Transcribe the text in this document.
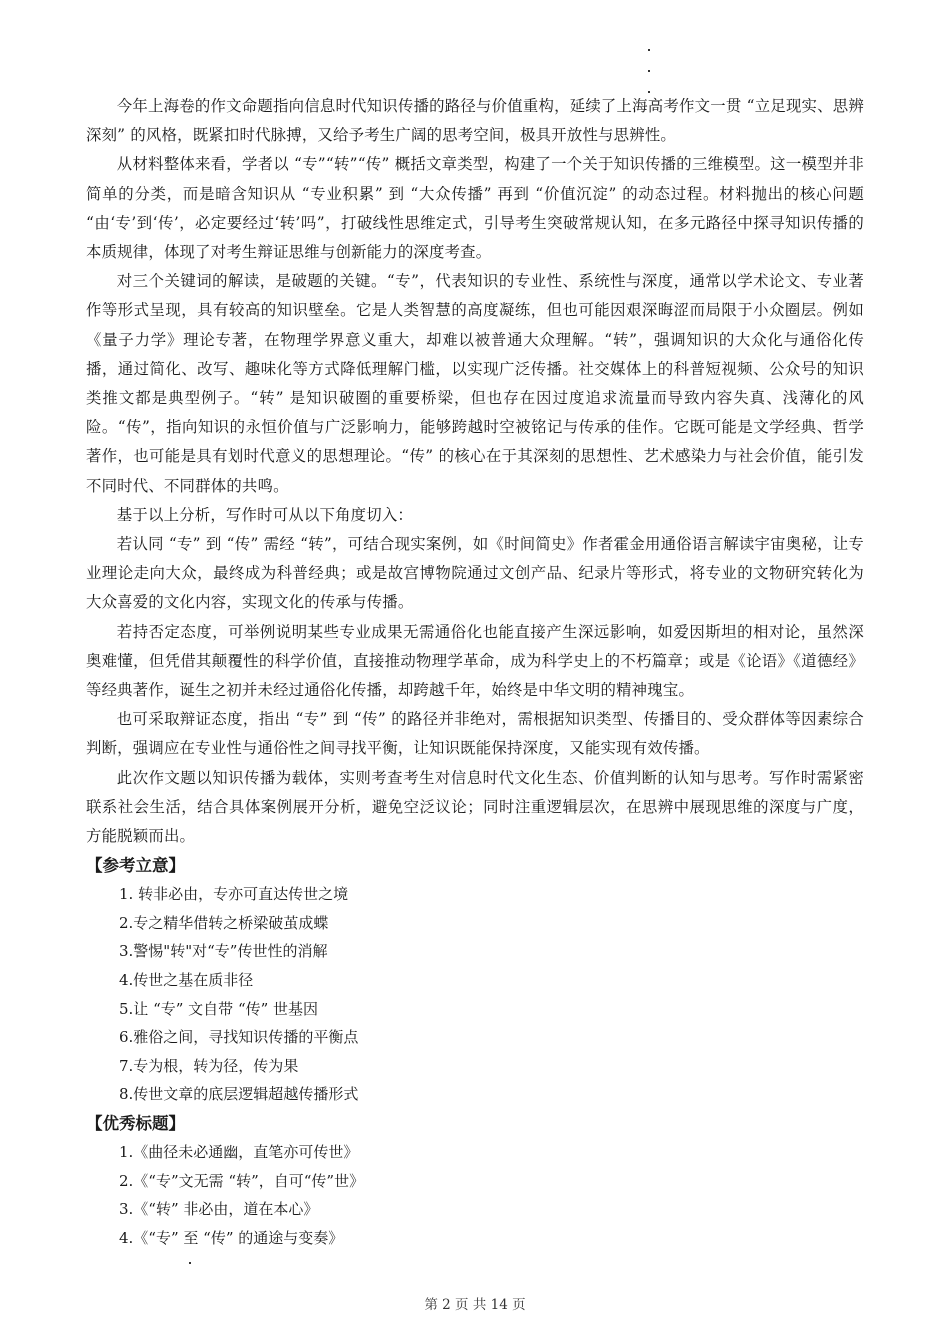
今年上海卷的作文命题指向信息时代知识传播的路径与价值重构，延续了上海高考作文一贯 “立足现实、思辨深刻” 的风格，既紧扣时代脉搏，又给予考生广阔的思考空间，极具开放性与思辨性。

从材料整体来看，学者以 “专”“转”“传” 概括文章类型，构建了一个关于知识传播的三维模型。这一模型并非简单的分类，而是暗含知识从 “专业积累” 到 “大众传播” 再到 “价值沉淀” 的动态过程。材料抛出的核心问题 “由‘专’到‘传’，必定要经过‘转’吗”，打破线性思维定式，引导考生突破常规认知，在多元路径中探寻知识传播的本质规律，体现了对考生辩证思维与创新能力的深度考查。

对三个关键词的解读，是破题的关键。“专”，代表知识的专业性、系统性与深度，通常以学术论文、专业著作等形式呈现，具有较高的知识壁垒。它是人类智慧的高度凝练，但也可能因艰深晦涩而局限于小众圈层。例如《量子力学》理论专著，在物理学界意义重大，却难以被普通大众理解。“转”，强调知识的大众化与通俗化传播，通过简化、改写、趣味化等方式降低理解门槛，以实现广泛传播。社交媒体上的科普短视频、公众号的知识类推文都是典型例子。“转” 是知识破圈的重要桥梁，但也存在因过度追求流量而导致内容失真、浅薄化的风险。“传”，指向知识的永恒价值与广泛影响力，能够跨越时空被铭记与传承的佳作。它既可能是文学经典、哲学著作，也可能是具有划时代意义的思想理论。“传” 的核心在于其深刻的思想性、艺术感染力与社会价值，能引发不同时代、不同群体的共鸣。

基于以上分析，写作时可从以下角度切入：

若认同 “专” 到 “传” 需经 “转”，可结合现实案例，如《时间简史》作者霍金用通俗语言解读宇宙奥秘，让专业理论走向大众，最终成为科普经典；或是故宫博物院通过文创产品、纪录片等形式，将专业的文物研究转化为大众喜爱的文化内容，实现文化的传承与传播。

若持否定态度，可举例说明某些专业成果无需通俗化也能直接产生深远影响，如爱因斯坦的相对论，虽然深奥难懂，但凭借其颠覆性的科学价值，直接推动物理学革命，成为科学史上的不朽篇章；或是《论语》《道德经》等经典著作，诞生之初并未经过通俗化传播，却跨越千年，始终是中华文明的精神瑰宝。

也可采取辩证态度，指出 “专” 到 “传” 的路径并非绝对，需根据知识类型、传播目的、受众群体等因素综合判断，强调应在专业性与通俗性之间寻找平衡，让知识既能保持深度，又能实现有效传播。

此次作文题以知识传播为载体，实则考查考生对信息时代文化生态、价值判断的认知与思考。写作时需紧密联系社会生活，结合具体案例展开分析，避免空泛议论；同时注重逻辑层次，在思辨中展现思维的深度与广度，方能脱颖而出。

【参考立意】

1. 转非必由，专亦可直达传世之境

2.专之精华借转之桥梁破茧成蝶

3.警惕"转"对“专”传世性的消解

4.传世之基在质非径

5.让 “专” 文自带 “传” 世基因

6.雅俗之间，寻找知识传播的平衡点

7.专为根，转为径，传为果

8.传世文章的底层逻辑超越传播形式

【优秀标题】

1.《曲径未必通幽，直笔亦可传世》

2.《“专”文无需 “转”，自可“传”世》

3.《“转” 非必由，道在本心》

4.《“专” 至 “传” 的通途与变奏》

第 2 页 共 14 页
